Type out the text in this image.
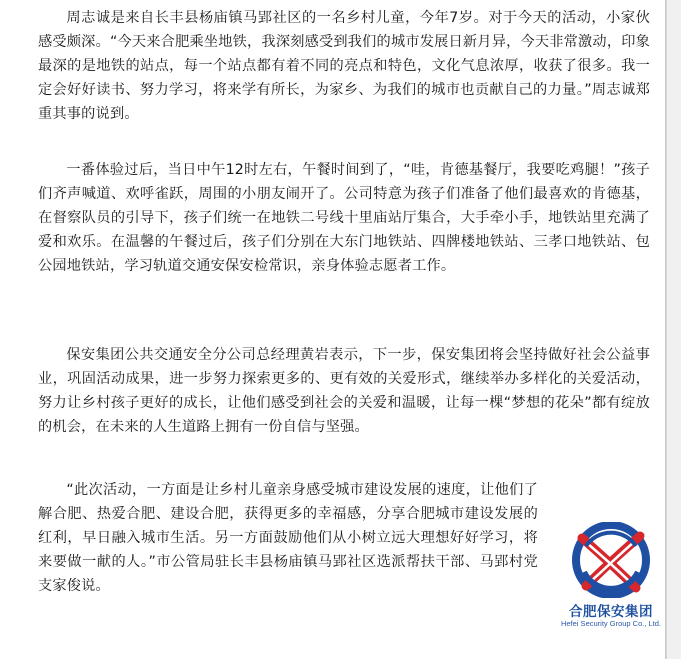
周志诚是来自长丰县杨庙镇马郢社区的一名乡村儿童，今年7岁。对于今天的活动，小家伙感受颇深。“今天来合肥乘坐地铁，我深刻感受到我们的城市发展日新月异，今天非常激动，印象最深的是地铁的站点，每一个站点都有着不同的亮点和特色，文化气息浓厚，收获了很多。我一定会好好读书、努力学习，将来学有所长，为家乡、为我们的城市也贡献自己的力量。”周志诚郑重其事的说到。

一番体验过后，当日中午12时左右，午餐时间到了，“哇，肯德基餐厅，我要吃鸡腿！”孩子们齐声喊道、欢呼雀跃，周围的小朋友闹开了。公司特意为孩子们准备了他们最喜欢的肯德基，在督察队员的引导下，孩子们统一在地铁二号线十里庙站厅集合，大手牵小手，地铁站里充满了爱和欢乐。在温馨的午餐过后，孩子们分别在大东门地铁站、四牌楼地铁站、三孝口地铁站、包公园地铁站，学习轨道交通安保安检常识，亲身体验志愿者工作。

保安集团公共交通安全分公司总经理黄岩表示，下一步，保安集团将会坚持做好社会公益事业，巩固活动成果，进一步努力探索更多的、更有效的关爱形式，继续举办多样化的关爱活动，努力让乡村孩子更好的成长，让他们感受到社会的关爱和温暖，让每一棵“梦想的花朵”都有绽放的机会，在未来的人生道路上拥有一份自信与坚强。

“此次活动，一方面是让乡村儿童亲身感受城市建设发展的速度，让他们了解合肥、热爱合肥、建设合肥，获得更多的幸福感，分享合肥城市建设发展的红利，早日融入城市生活。另一方面鼓励他们从小树立远大理想好好学习，将来要做一献的人。”市公管局驻长丰县杨庙镇马郢社区选派帮扶干部、马郢村党支家俊说。

合肥保安集团
Hefei Security Group Co., Ltd.
